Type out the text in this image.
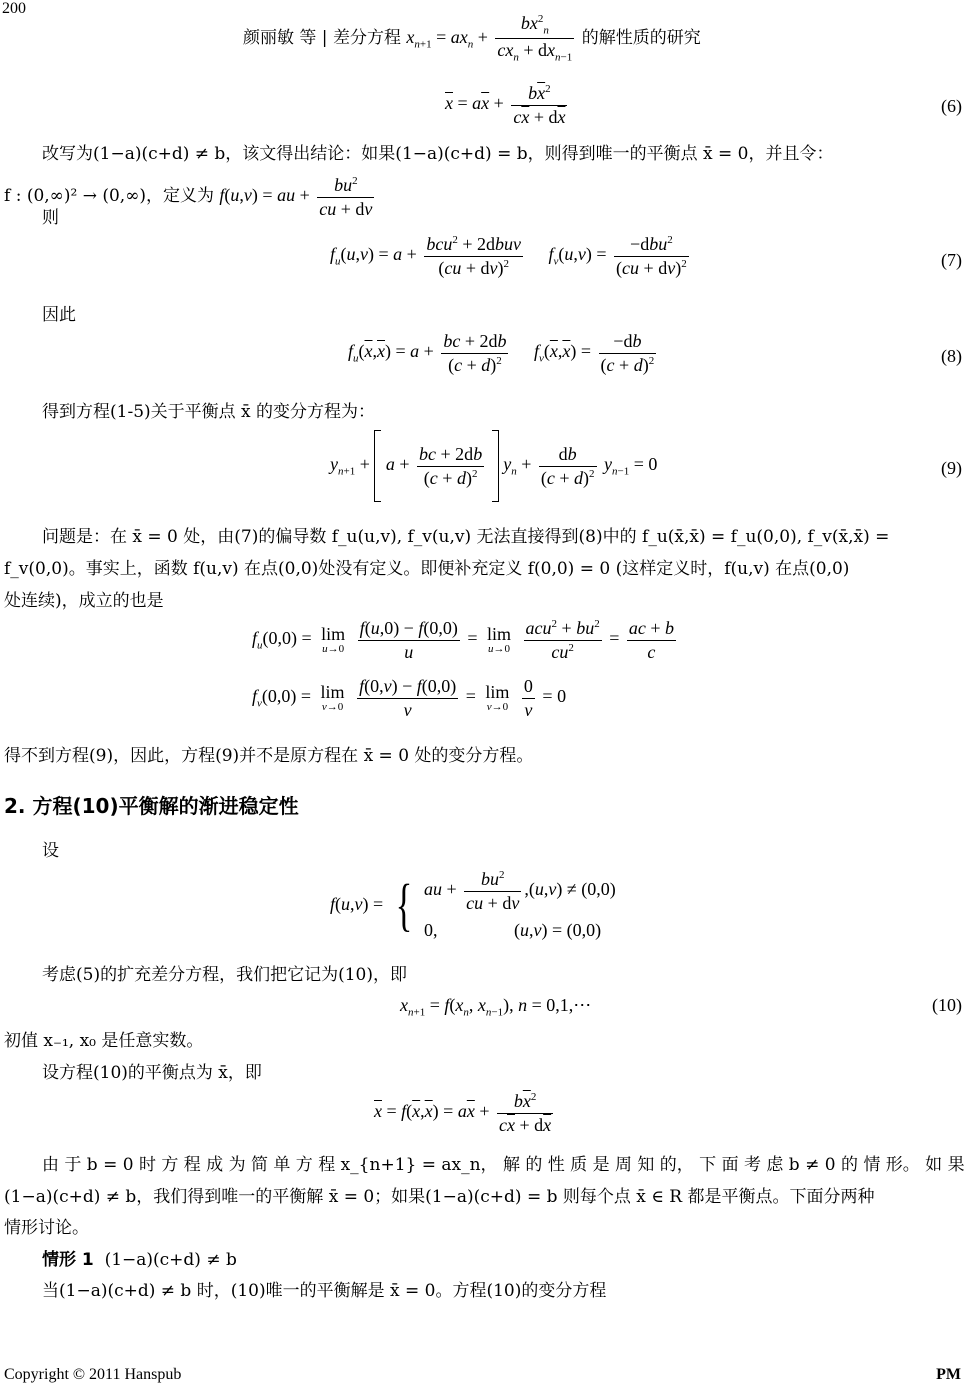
200
颜丽敏 等 | 差分方程 $x_{n+1} = ax_n + \frac{bx^2_n}{cx_n + dx_{n-1}}$ 的解性质的研究
$\overline{x} = a\overline{x} + \frac{b\overline{x}^2}{c\overline{x} + d\overline{x}}$	(6)
改写为(1−a)(c+d) ≠ b，该文得出结论：如果(1−a)(c+d) = b，则得到唯一的平衡点 x̄ = 0，并且令：
f : (0,∞)² → (0,∞)，定义为 f(u,v) = au + $\frac{bu^2}{cu + dv}$
则
$f_u(u,v) = a + \frac{bcu^2 + 2dbuv}{(cu + dv)^2} f_v(u,v) = \frac{-dbu^2}{(cu + dv)^2}$	(7)
因此
$f_u(\overline{x},\overline{x}) = a + \frac{bc + 2db}{(c + d)^2} f_v(\overline{x},\overline{x}) = \frac{-db}{(c + d)^2}$	(8)
得到方程(1-5)关于平衡点 x̄ 的变分方程为：
$y_{n+1} + a + \frac{bc + 2db}{(c + d)^2} y_n + \frac{db}{(c + d)^2} y_{n-1} = 0$	(9)
问题是：在 x̄ = 0 处，由(7)的偏导数 f_u(u,v), f_v(u,v) 无法直接得到(8)中的 f_u(x̄,x̄) = f_u(0,0), f_v(x̄,x̄) =
f_v(0,0)。事实上，函数 f(u,v) 在点(0,0)处没有定义。即便补充定义 f(0,0) = 0 (这样定义时，f(u,v) 在点(0,0)
处连续)，成立的也是
$f_u(0,0) = \lim$
u→0
$\frac{f(u,0) - f(0,0)}{u} = \lim$
u→0
$\frac{acu^2 + bu^2}{cu^2} = \frac{ac + b}{c}$
$f_v(0,0) = \lim$
v→0
$\frac{f(0,v) - f(0,0)}{v} = \lim$
v→0
$\frac{0}{v} = 0$
得不到方程(9)，因此，方程(9)并不是原方程在 x̄ = 0 处的变分方程。
2. 方程(10)平衡解的渐进稳定性
设
f(u,v) = { au + $\frac{bu^2}{cu + dv} ,(u,v) \ne (0,0)$
0,                 (u,v) = (0,0)
考虑(5)的扩充差分方程，我们把它记为(10)，即
$x_{n+1} = f(x_n$, $x_{n-1}$), n = 0,1,⋯	(10)
初值 x₋₁, x₀ 是任意实数。
设方程(10)的平衡点为 x̄，即
$\overline{x} = f(\overline{x},\overline{x}) = a\overline{x} + \frac{b\overline{x}^2}{c\overline{x} + d\overline{x}}$
由 于 b = 0 时 方 程 成 为 简 单 方 程 x_{n+1} = ax_n， 解 的 性 质 是 周 知 的， 下 面 考 虑 b ≠ 0 的 情 形。 如 果
(1−a)(c+d) ≠ b，我们得到唯一的平衡解 x̄ = 0；如果(1−a)(c+d) = b 则每个点 x̄ ∈ R 都是平衡点。下面分两种
情形讨论。
情形 1 (1−a)(c+d) ≠ b
当(1−a)(c+d) ≠ b 时，(10)唯一的平衡解是 x̄ = 0。方程(10)的变分方程
Copyright © 2011 Hanspub	PM
